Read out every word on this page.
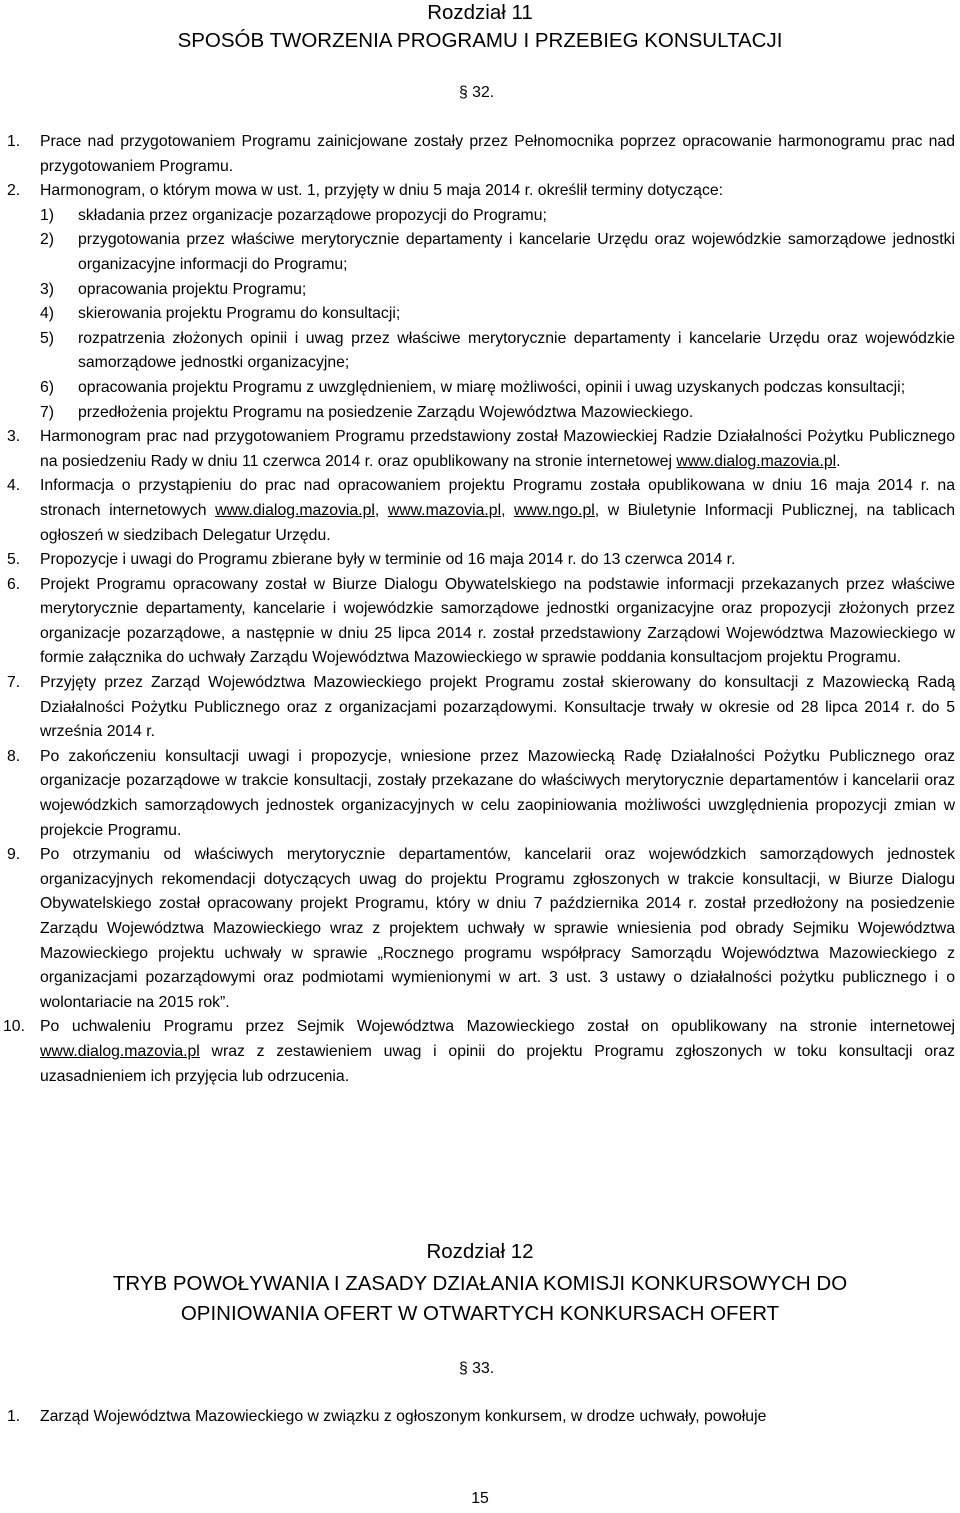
Rozdział 11
SPOSÓB TWORZENIA PROGRAMU I PRZEBIEG KONSULTACJI
§ 32.
1. Prace nad przygotowaniem Programu zainicjowane zostały przez Pełnomocnika poprzez opracowanie harmonogramu prac nad przygotowaniem Programu.
2. Harmonogram, o którym mowa w ust. 1, przyjęty w dniu 5 maja 2014 r. określił terminy dotyczące:
1) składania przez organizacje pozarządowe propozycji do Programu;
2) przygotowania przez właściwe merytorycznie departamenty i kancelarie Urzędu oraz wojewódzkie samorządowe jednostki organizacyjne informacji do Programu;
3) opracowania projektu Programu;
4) skierowania projektu Programu do konsultacji;
5) rozpatrzenia złożonych opinii i uwag przez właściwe merytorycznie departamenty i kancelarie Urzędu oraz wojewódzkie samorządowe jednostki organizacyjne;
6) opracowania projektu Programu z uwzględnieniem, w miarę możliwości, opinii i uwag uzyskanych podczas konsultacji;
7) przedłożenia projektu Programu na posiedzenie Zarządu Województwa Mazowieckiego.
3. Harmonogram prac nad przygotowaniem Programu przedstawiony został Mazowieckiej Radzie Działalności Pożytku Publicznego na posiedzeniu Rady w dniu 11 czerwca 2014 r. oraz opublikowany na stronie internetowej www.dialog.mazovia.pl.
4. Informacja o przystąpieniu do prac nad opracowaniem projektu Programu została opublikowana w dniu 16 maja 2014 r. na stronach internetowych www.dialog.mazovia.pl, www.mazovia.pl, www.ngo.pl, w Biuletynie Informacji Publicznej, na tablicach ogłoszeń w siedzibach Delegatur Urzędu.
5. Propozycje i uwagi do Programu zbierane były w terminie od 16 maja 2014 r. do 13 czerwca 2014 r.
6. Projekt Programu opracowany został w Biurze Dialogu Obywatelskiego na podstawie informacji przekazanych przez właściwe merytorycznie departamenty, kancelarie i wojewódzkie samorządowe jednostki organizacyjne oraz propozycji złożonych przez organizacje pozarządowe, a następnie w dniu 25 lipca 2014 r. został przedstawiony Zarządowi Województwa Mazowieckiego w formie załącznika do uchwały Zarządu Województwa Mazowieckiego w sprawie poddania konsultacjom projektu Programu.
7. Przyjęty przez Zarząd Województwa Mazowieckiego projekt Programu został skierowany do konsultacji z Mazowiecką Radą Działalności Pożytku Publicznego oraz z organizacjami pozarządowymi. Konsultacje trwały w okresie od 28 lipca 2014 r. do 5 września 2014 r.
8. Po zakończeniu konsultacji uwagi i propozycje, wniesione przez Mazowiecką Radę Działalności Pożytku Publicznego oraz organizacje pozarządowe w trakcie konsultacji, zostały przekazane do właściwych merytorycznie departamentów i kancelarii oraz wojewódzkich samorządowych jednostek organizacyjnych w celu zaopiniowania możliwości uwzględnienia propozycji zmian w projekcie Programu.
9. Po otrzymaniu od właściwych merytorycznie departamentów, kancelarii oraz wojewódzkich samorządowych jednostek organizacyjnych rekomendacji dotyczących uwag do projektu Programu zgłoszonych w trakcie konsultacji, w Biurze Dialogu Obywatelskiego został opracowany projekt Programu, który w dniu 7 października 2014 r. został przedłożony na posiedzenie Zarządu Województwa Mazowieckiego wraz z projektem uchwały w sprawie wniesienia pod obrady Sejmiku Województwa Mazowieckiego projektu uchwały w sprawie „Rocznego programu współpracy Samorządu Województwa Mazowieckiego z organizacjami pozarządowymi oraz podmiotami wymienionymi w art. 3 ust. 3 ustawy o działalności pożytku publicznego i o wolontariacie na 2015 rok”.
10. Po uchwaleniu Programu przez Sejmik Województwa Mazowieckiego został on opublikowany na stronie internetowej www.dialog.mazovia.pl wraz z zestawieniem uwag i opinii do projektu Programu zgłoszonych w toku konsultacji oraz uzasadnieniem ich przyjęcia lub odrzucenia.
Rozdział 12
TRYB POWOŁYWANIA I ZASADY DZIAŁANIA KOMISJI KONKURSOWYCH DO
OPINIOWANIA OFERT W OTWARTYCH KONKURSACH OFERT
§ 33.
1. Zarząd Województwa Mazowieckiego w związku z ogłoszonym konkursem, w drodze uchwały, powołuje
15
